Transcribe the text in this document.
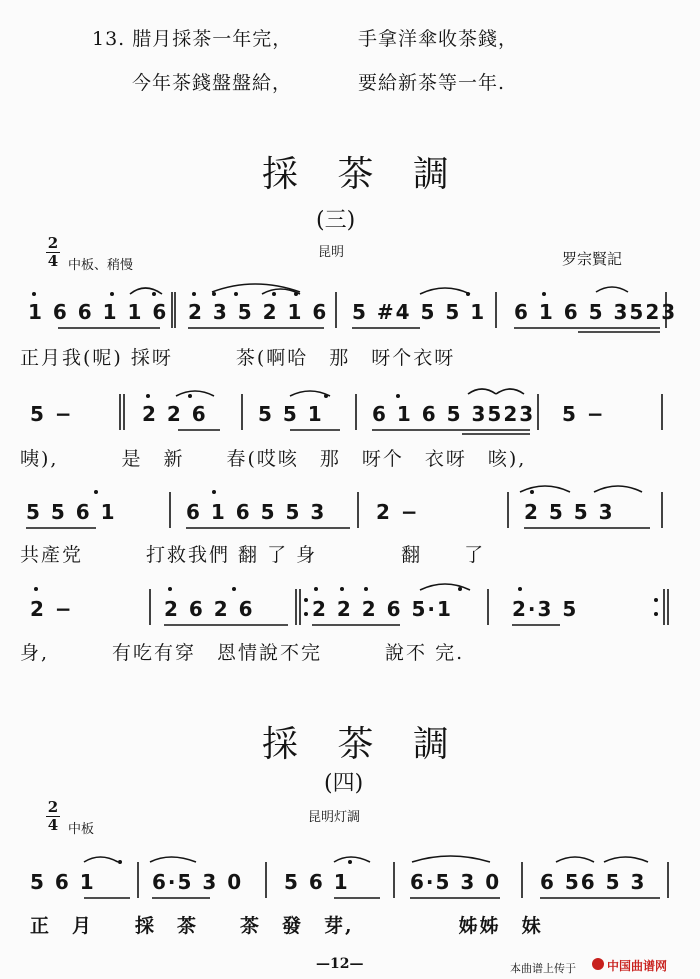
13. 腊月採茶一年完，	手拿洋傘收茶錢，
今年茶錢盤盤給，	要給新茶等一年.
採 茶 調
(三)
2
4 中板、稍慢
昆明	罗宗賢記
1 6 6 1 1 6 2 3 5 2 1 6 5 #4 5 5 1 6 1 6 5 3523
正月我(呢) 採呀　　　茶(啊哈　那　呀个衣呀
5 −	2 2 6	5 5 1 6 1 6 5 3523 5 −
咦),　　　是　新　　春(哎咳　那　呀个　衣呀　咳),
5 5 6 1	6 1 6 5 5 3 2 −	2 5 5 3
共產党　　　打救我們 翻 了 身　　　　翻　　了
2 −	2 6 2 6	2 2 2 6 5·1	2·3 5
身,　　　有吃有穿　恩情說不完　　　說不 完.
採 茶 調
(四)
2
4 中板
昆明灯調
5 6 1	6·5 3 0 5 6 1	6·5 3 0 6 56 5 3
正　月　　採　茶　　茶　發　芽,　　　　　姊姊　妹
—12—	本曲谱上传于	中国曲谱网
